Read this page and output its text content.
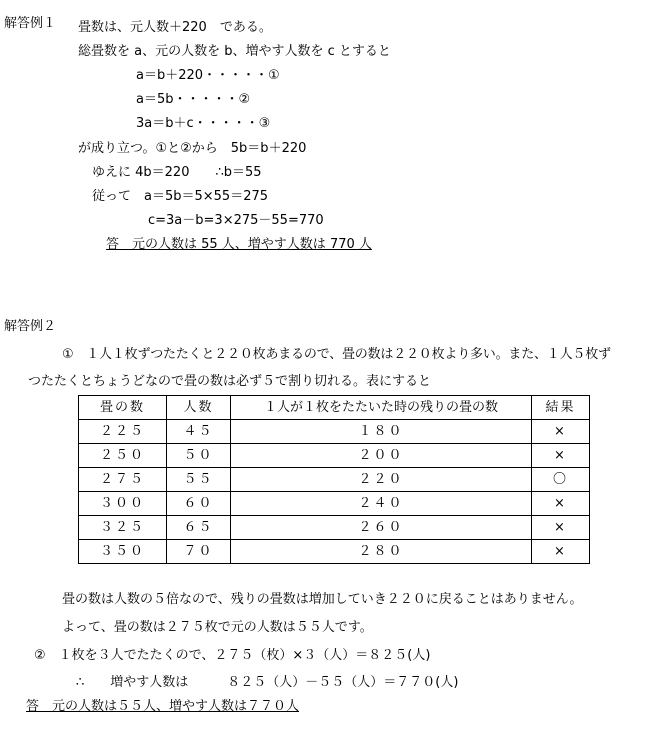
解答例１ 畳数は、元人数＋220　である。
総畳数を a、元の人数を b、増やす人数を c とすると
a＝b＋220・・・・・①
a＝5b・・・・・②
3a＝b＋c・・・・・③
が成り立つ。①と②から　5b＝b＋220
ゆえに 4b＝220　　∴b＝55
従って　a＝5b＝5×55＝275
c=3a－b=3×275－55=770
答　元の人数は 55 人、増やす人数は 770 人
解答例２
①　１人１枚ずつたたくと２２０枚あまるので、畳の数は２２０枚より多い。また、１人５枚ず
つたたくとちょうどなので畳の数は必ず５で割り切れる。表にすると
畳の数	人数	１人が１枚をたたいた時の残りの畳の数	結果
２２５	４５	１８０	×
２５０	５０	２００	×
２７５	５５	２２０	〇
３００	６０	２４０	×
３２５	６５	２６０	×
３５０	７０	２８０	×
畳の数は人数の５倍なので、残りの畳数は増加していき２２０に戻ることはありません。
よって、畳の数は２７５枚で元の人数は５５人です。
②　１枚を３人でたたくので、２７５（枚）×３（人）＝８２５(人)
∴　　増やす人数は　　　８２５（人）－５５（人）＝７７０(人)
答　元の人数は５５人、増やす人数は７７０人
